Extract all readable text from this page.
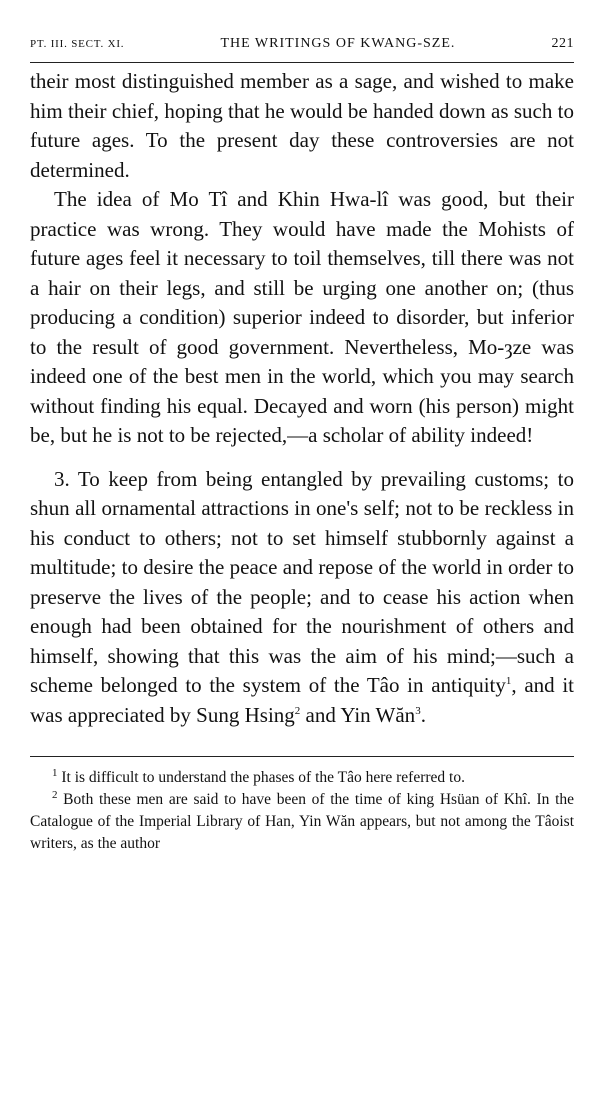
PT. III. SECT. XI.	THE WRITINGS OF KWANG-SZE.	221

their most distinguished member as a sage, and wished to make him their chief, hoping that he would be handed down as such to future ages. To the present day these controversies are not determined.

The idea of Mo Tî and Khin Hwa-lî was good, but their practice was wrong. They would have made the Mohists of future ages feel it necessary to toil themselves, till there was not a hair on their legs, and still be urging one another on; (thus producing a condition) superior indeed to disorder, but inferior to the result of good government. Nevertheless, Mo-ȝze was indeed one of the best men in the world, which you may search without finding his equal. Decayed and worn (his person) might be, but he is not to be rejected,—a scholar of ability indeed!

3. To keep from being entangled by prevailing customs; to shun all ornamental attractions in one's self; not to be reckless in his conduct to others; not to set himself stubbornly against a multitude; to desire the peace and repose of the world in order to preserve the lives of the people; and to cease his action when enough had been obtained for the nourishment of others and himself, showing that this was the aim of his mind;—such a scheme belonged to the system of the Tâo in antiquity$^1$, and it was appreciated by Sung Hsing$^2$ and Yin Wăn$^3$.

$^1$ It is difficult to understand the phases of the Tâo here referred to.

$^2$ Both these men are said to have been of the time of king Hsüan of Khî. In the Catalogue of the Imperial Library of Han, Yin Wăn appears, but not among the Tâoist writers, as the author
